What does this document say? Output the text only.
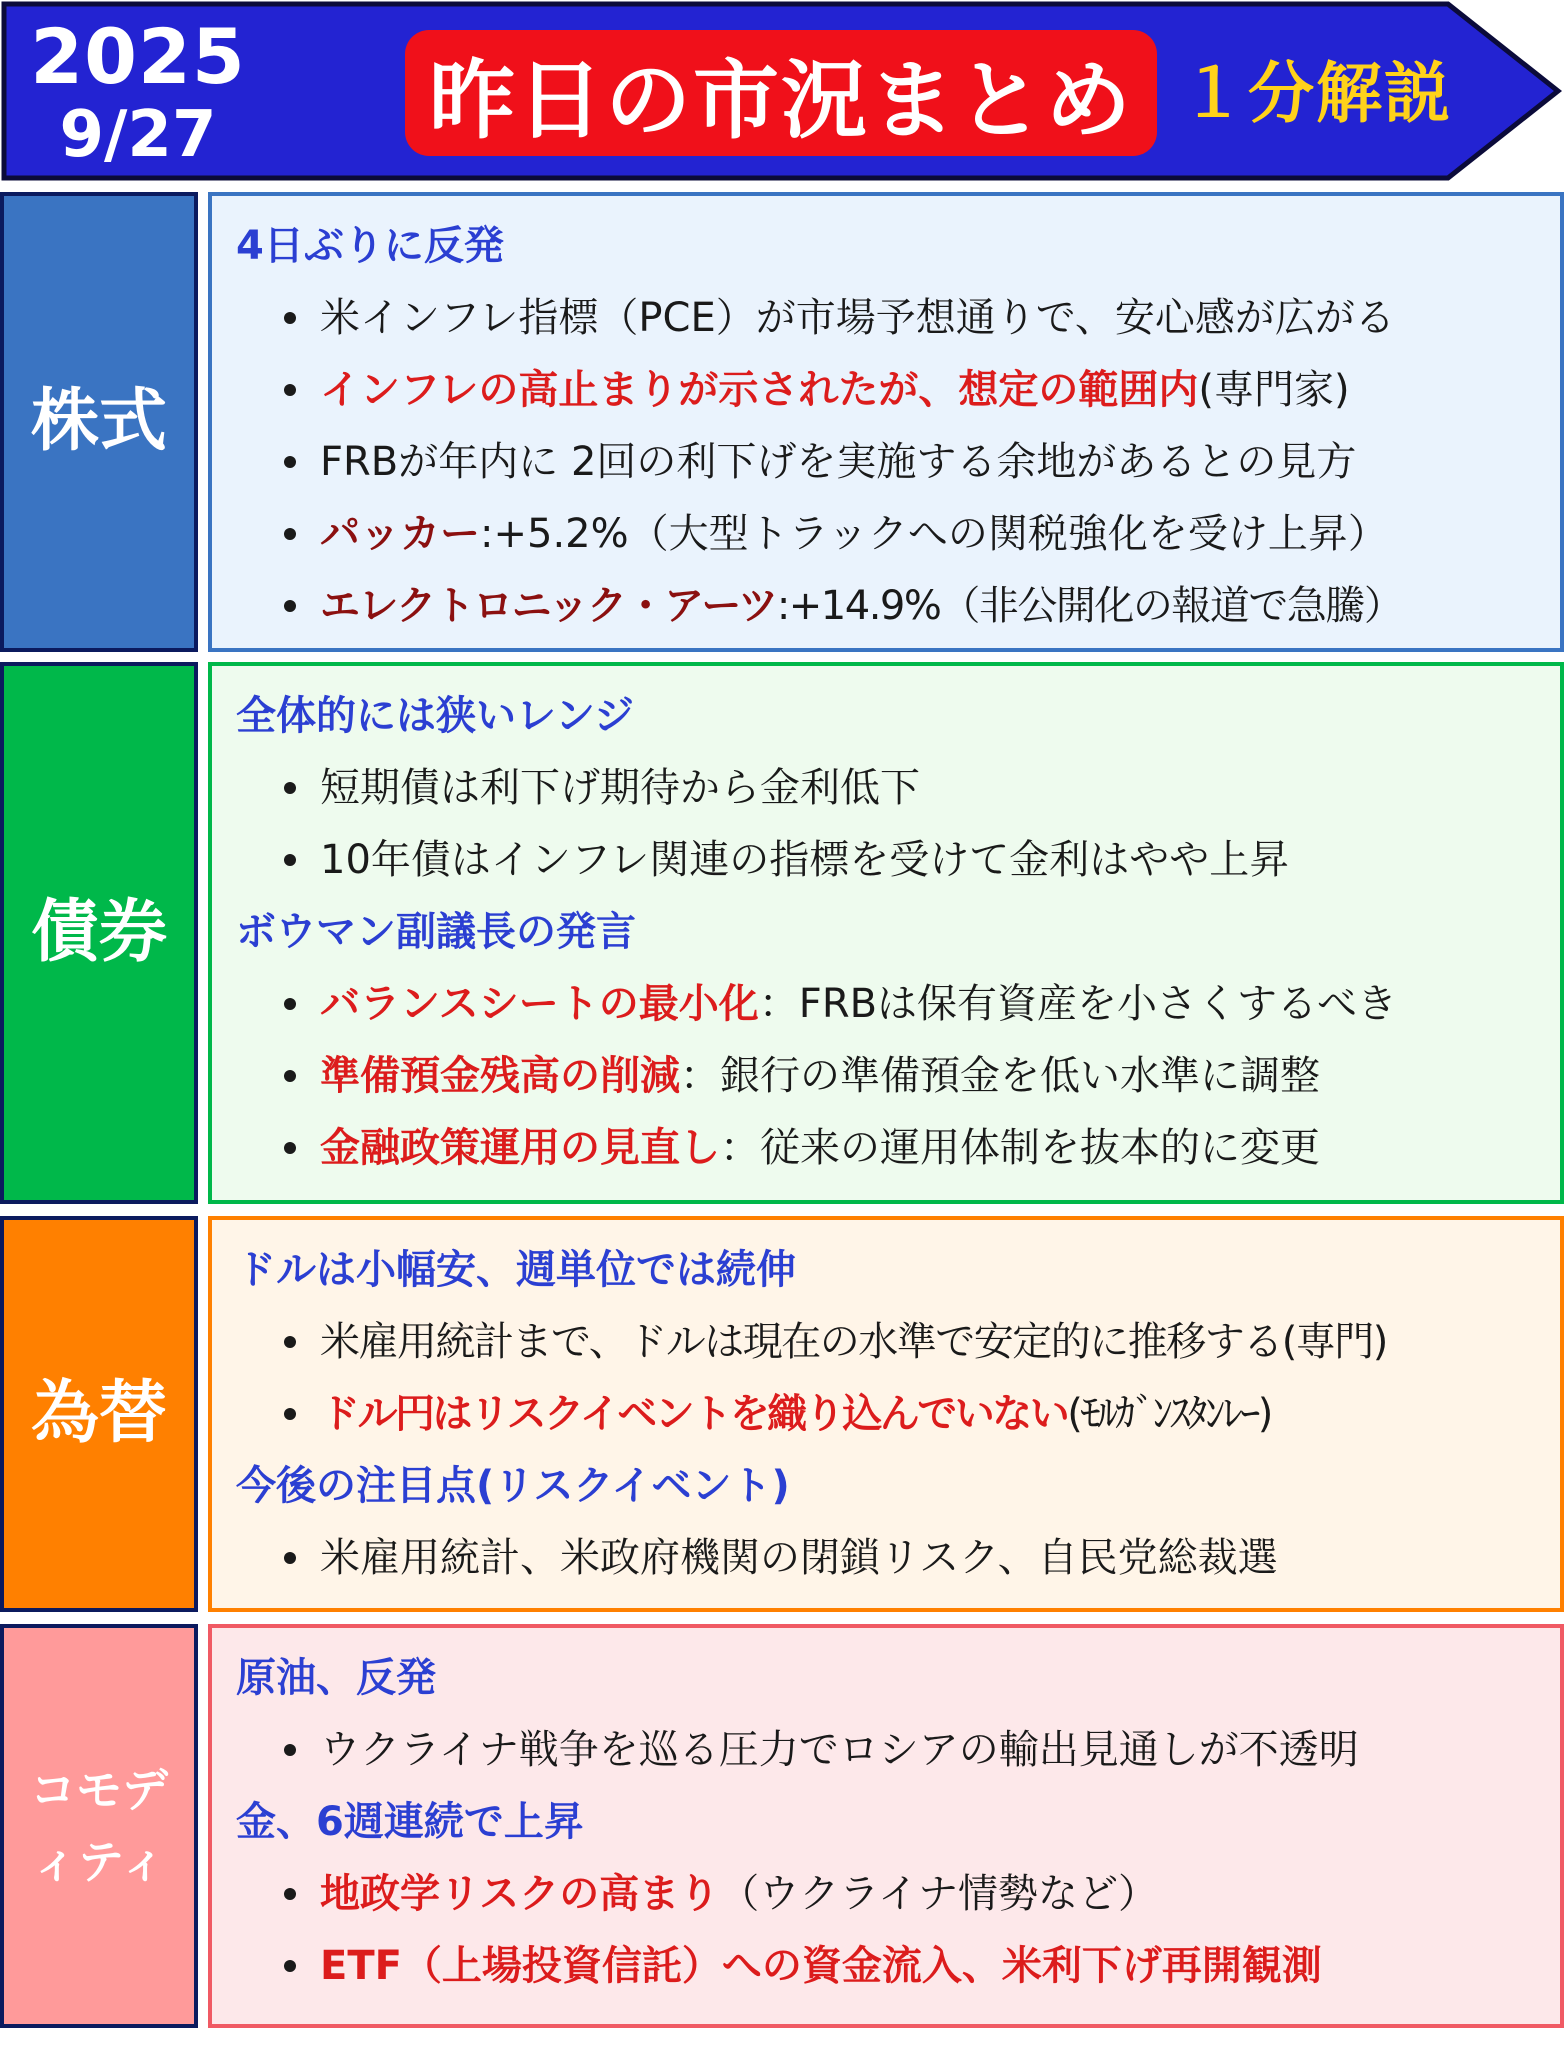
2025
9/27	昨日の市況まとめ １分解説
株式
4日ぶりに反発
米インフレ指標（PCE）が市場予想通りで、安心感が広がる
インフレの高止まりが示されたが、想定の範囲内(専門家)
FRBが年内に 2回の利下げを実施する余地があるとの見方
パッカー:+5.2%（大型トラックへの関税強化を受け上昇）
エレクトロニック・アーツ:+14.9%（非公開化の報道で急騰）
債券
全体的には狭いレンジ
短期債は利下げ期待から金利低下
10年債はインフレ関連の指標を受けて金利はやや上昇
ボウマン副議長の発言
バランスシートの最小化：FRBは保有資産を小さくするべき
準備預金残高の削減：銀行の準備預金を低い水準に調整
金融政策運用の見直し：従来の運用体制を抜本的に変更
為替
ドルは小幅安、週単位では続伸
米雇用統計まで、ドルは現在の水準で安定的に推移する(専門)
ドル円はリスクイベントを織り込んでいない(ﾓﾙｶﾞﾝｽﾀﾝﾚｰ)
今後の注目点(リスクイベント)
米雇用統計、米政府機関の閉鎖リスク、自民党総裁選
コモデ
ィティ
原油、反発
ウクライナ戦争を巡る圧力でロシアの輸出見通しが不透明
金、6週連続で上昇
地政学リスクの高まり（ウクライナ情勢など）
ETF（上場投資信託）への資金流入、米利下げ再開観測
